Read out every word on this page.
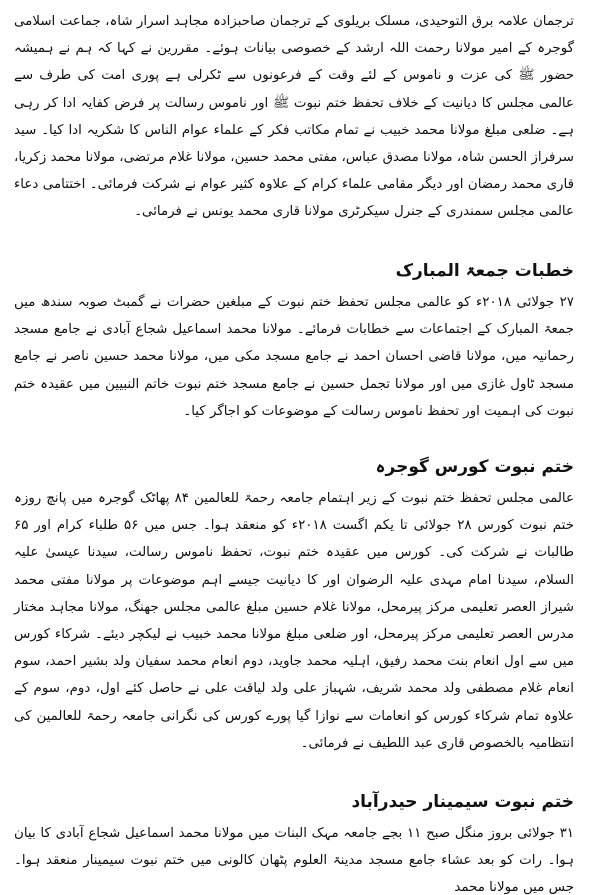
ترجمان علامہ برق التوحیدی، مسلک بریلوی کے ترجمان صاحبزادہ مجاہد اسرار شاہ، جماعت اسلامی گوجرہ کے امیر مولانا رحمت اللہ ارشد کے خصوصی بیانات ہوئے۔ مقررین نے کہا کہ ہم نے ہمیشہ حضور ﷺ کی عزت و ناموس کے لئے وقت کے فرعونوں سے ٹکرلی ہے پوری امت کی طرف سے عالمی مجلس کا دیانیت کے خلاف تحفظ ختم نبوت ﷺ اور ناموس رسالت پر فرض کفایہ ادا کر رہی ہے۔ ضلعی مبلغ مولانا محمد خبیب نے تمام مکاتب فکر کے علماء عوام الناس کا شکریہ ادا کیا۔ سید سرفراز الحسن شاہ، مولانا مصدق عباس، مفتی محمد حسین، مولانا غلام مرتضی، مولانا محمد زکریا، قاری محمد رمضان اور دیگر مقامی علماء کرام کے علاوہ کثیر عوام نے شرکت فرمائی۔ اختتامی دعاء عالمی مجلس سمندری کے جنرل سیکرٹری مولانا قاری محمد یونس نے فرمائی۔

خطبات جمعۃ المبارک

۲۷ جولائی ۲۰۱۸ء کو عالمی مجلس تحفظ ختم نبوت کے مبلغین حضرات نے گمبٹ صوبہ سندھ میں جمعۃ المبارک کے اجتماعات سے خطابات فرمائے۔ مولانا محمد اسماعیل شجاع آبادی نے جامع مسجد رحمانیہ میں، مولانا قاضی احسان احمد نے جامع مسجد مکی میں، مولانا محمد حسین ناصر نے جامع مسجد ٹاول غازی میں اور مولانا تجمل حسین نے جامع مسجد ختم نبوت خاتم النبیین میں عقیدہ ختم نبوت کی اہمیت اور تحفظ ناموس رسالت کے موضوعات کو اجاگر کیا۔

ختم نبوت کورس گوجرہ

عالمی مجلس تحفظ ختم نبوت کے زیر اہتمام جامعہ رحمۃ للعالمین ۸۴ پھاٹک گوجرہ میں پانچ روزہ ختم نبوت کورس ۲۸ جولائی تا یکم اگست ۲۰۱۸ء کو منعقد ہوا۔ جس میں ۵۶ طلباء کرام اور ۶۵ طالبات نے شرکت کی۔ کورس میں عقیدہ ختم نبوت، تحفظ ناموس رسالت، سیدنا عیسیٰ علیہ السلام، سیدنا امام مہدی علیہ الرضوان اور کا دیانیت جیسے اہم موضوعات پر مولانا مفتی محمد شیراز العصر تعلیمی مرکز پیرمحل، مولانا غلام حسین مبلغ عالمی مجلس جھنگ، مولانا مجاہد مختار مدرس العصر تعلیمی مرکز پیرمحل، اور ضلعی مبلغ مولانا محمد خبیب نے لیکچر دیئے۔ شرکاء کورس میں سے اول انعام بنت محمد رفیق، اہلیہ محمد جاوید، دوم انعام محمد سفیان ولد بشیر احمد، سوم انعام غلام مصطفی ولد محمد شریف، شہباز علی ولد لیاقت علی نے حاصل کئے اول، دوم، سوم کے علاوہ تمام شرکاء کورس کو انعامات سے نوازا گیا پورے کورس کی نگرانی جامعہ رحمۃ للعالمین کی انتظامیہ بالخصوص قاری عبد اللطیف نے فرمائی۔

ختم نبوت سیمینار حیدرآباد

۳۱ جولائی بروز منگل صبح ۱۱ بجے جامعہ مہک البنات میں مولانا محمد اسماعیل شجاع آبادی کا بیان ہوا۔ رات کو بعد عشاء جامع مسجد مدینۃ العلوم پٹھان کالونی میں ختم نبوت سیمینار منعقد ہوا۔ جس میں مولانا محمد
